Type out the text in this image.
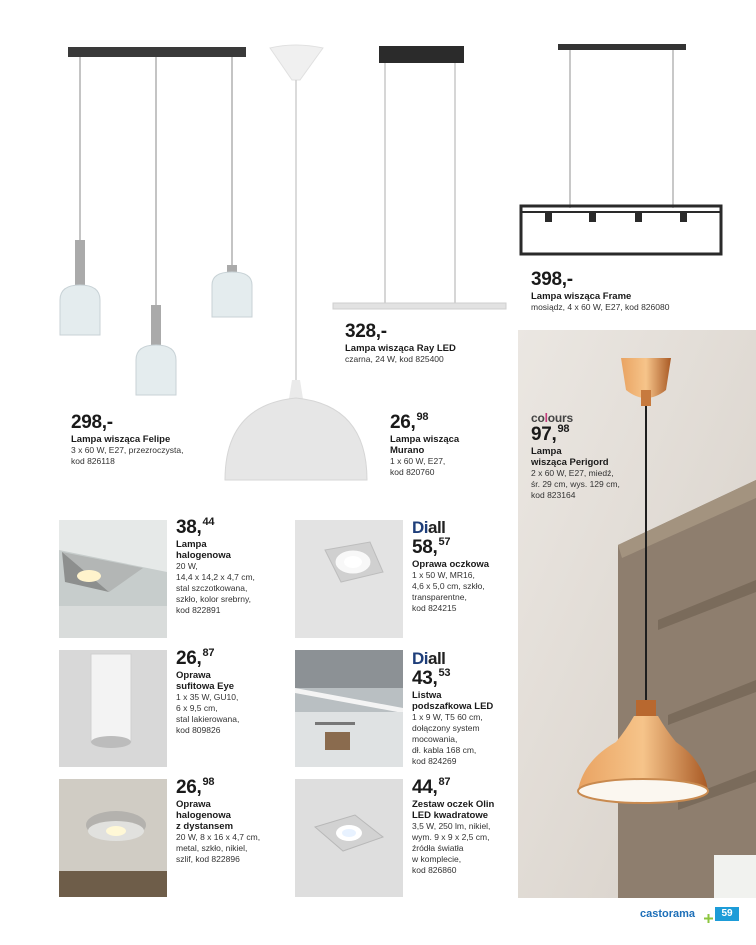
398,-
Lampa wisząca Frame
mosiądz, 4 x 60 W, E27, kod 826080
328,-
Lampa wisząca Ray LED
czarna, 24 W, kod 825400
298,-
Lampa wisząca Felipe
3 x 60 W, E27, przezroczysta,
kod 826118
26,98
Lampa wisząca
Murano
1 x 60 W, E27,
kod 820760
colours
97,98
Lampa
wisząca Perigord
2 x 60 W, E27, miedź,
śr. 29 cm, wys. 129 cm,
kod 823164
38,44
Lampa
halogenowa
20 W,
14,4 x 14,2 x 4,7 cm,
stal szczotkowana,
szkło, kolor srebrny,
kod 822891
Diall
58,57
Oprawa oczkowa
1 x 50 W, MR16,
4,6 x 5,0 cm, szkło,
transparentne,
kod 824215
26,87
Oprawa
sufitowa Eye
1 x 35 W, GU10,
6 x 9,5 cm,
stal lakierowana,
kod 809826
Diall
43,53
Listwa
podszafkowa LED
1 x 9 W, T5 60 cm,
dołączony system
mocowania,
dł. kabla 168 cm,
kod 824269
26,98
Oprawa
halogenowa
z dystansem
20 W, 8 x 16 x 4,7 cm,
metal, szkło, nikiel,
szlif, kod 822896
44,87
Zestaw oczek Olin
LED kwadratowe
3,5 W, 250 lm, nikiel,
wym. 9 x 9 x 2,5 cm,
źródła światła
w komplecie,
kod 826860
castorama	59
